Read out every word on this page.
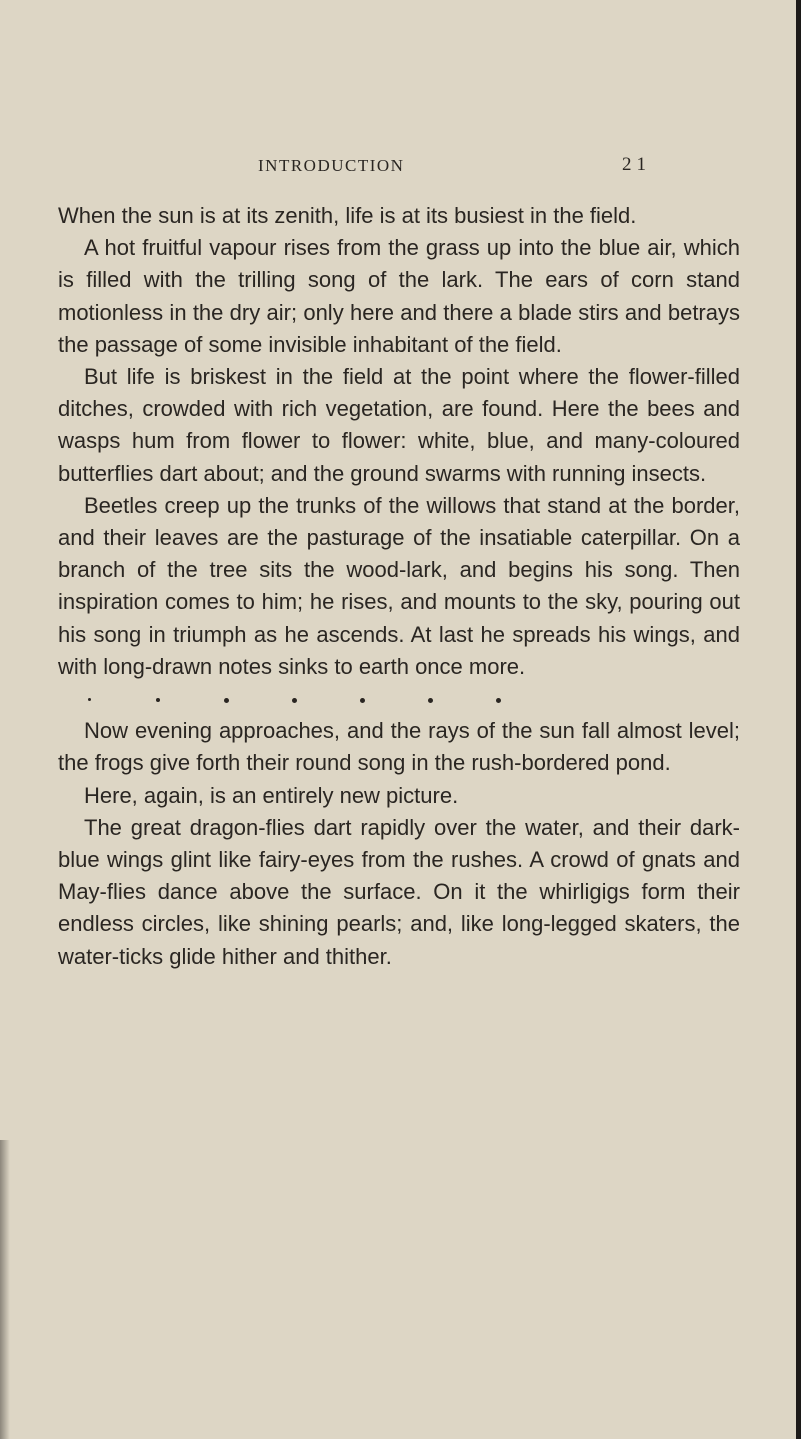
INTRODUCTION	21

When the sun is at its zenith, life is at its busiest in the field.

A hot fruitful vapour rises from the grass up into the blue air, which is filled with the trilling song of the lark. The ears of corn stand motionless in the dry air; only here and there a blade stirs and betrays the passage of some invisible inhabitant of the field.

But life is briskest in the field at the point where the flower-filled ditches, crowded with rich vegetation, are found. Here the bees and wasps hum from flower to flower: white, blue, and many-coloured butterflies dart about; and the ground swarms with running insects.

Beetles creep up the trunks of the willows that stand at the border, and their leaves are the pasturage of the insatiable caterpillar. On a branch of the tree sits the wood-lark, and begins his song. Then inspiration comes to him; he rises, and mounts to the sky, pouring out his song in triumph as he ascends. At last he spreads his wings, and with long-drawn notes sinks to earth once more.

Now evening approaches, and the rays of the sun fall almost level; the frogs give forth their round song in the rush-bordered pond.

Here, again, is an entirely new picture.

The great dragon-flies dart rapidly over the water, and their dark-blue wings glint like fairy-eyes from the rushes. A crowd of gnats and May-flies dance above the surface. On it the whirligigs form their endless circles, like shining pearls; and, like long-legged skaters, the water-ticks glide hither and thither.
